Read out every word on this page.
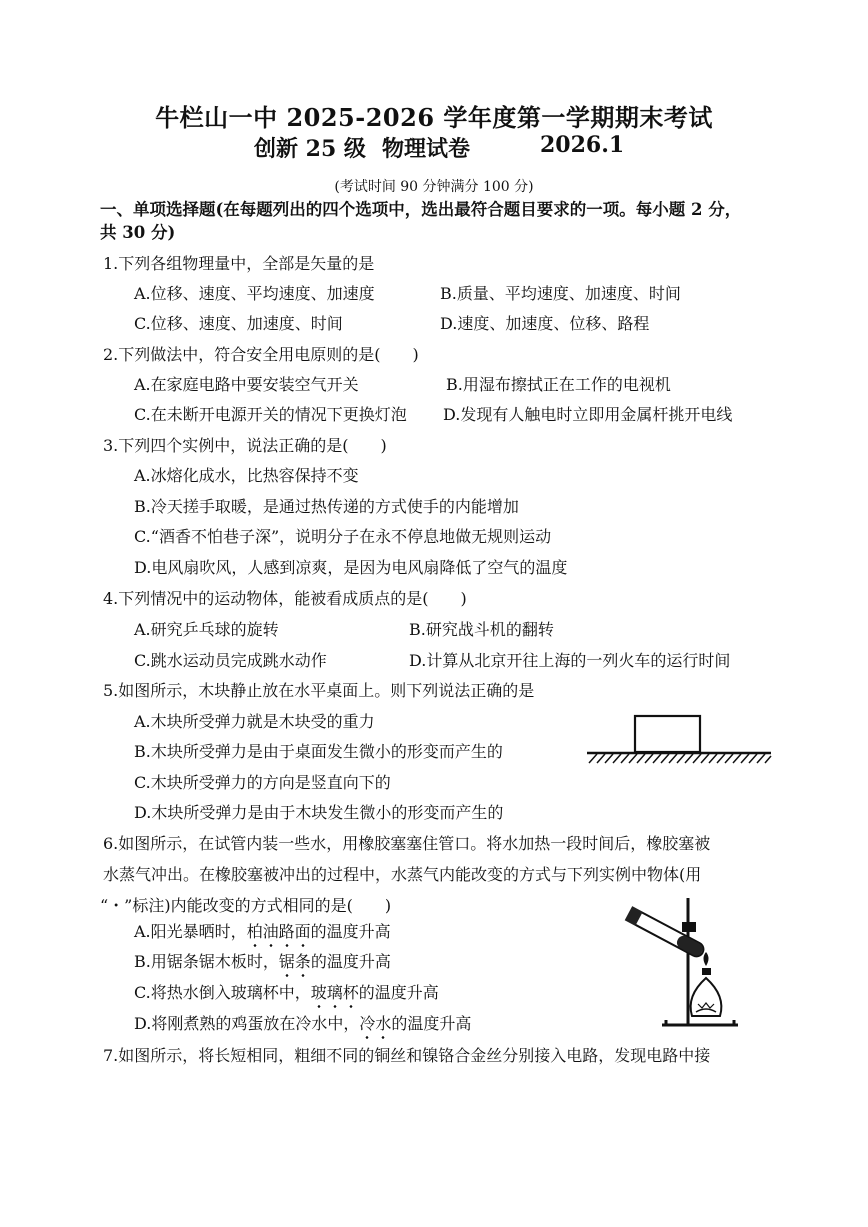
牛栏山一中 2025-2026 学年度第一学期期末考试
创新 25 级 物理试卷	2026.1
(考试时间 90 分钟满分 100 分)
一、单项选择题(在每题列出的四个选项中，选出最符合题目要求的一项。每小题 2 分，
共 30 分)
1.下列各组物理量中，全部是矢量的是
A.位移、速度、平均速度、加速度	B.质量、平均速度、加速度、时间
C.位移、速度、加速度、时间	D.速度、加速度、位移、路程
2.下列做法中，符合安全用电原则的是(　　)
A.在家庭电路中要安装空气开关	B.用湿布擦拭正在工作的电视机
C.在未断开电源开关的情况下更换灯泡 D.发现有人触电时立即用金属杆挑开电线
3.下列四个实例中，说法正确的是(　　)
A.冰熔化成水，比热容保持不变
B.冷天搓手取暖，是通过热传递的方式使手的内能增加
C.“酒香不怕巷子深”，说明分子在永不停息地做无规则运动
D.电风扇吹风，人感到凉爽，是因为电风扇降低了空气的温度
4.下列情况中的运动物体，能被看成质点的是(　　)
A.研究乒乓球的旋转	B.研究战斗机的翻转
C.跳水运动员完成跳水动作	D.计算从北京开往上海的一列火车的运行时间
5.如图所示，木块静止放在水平桌面上。则下列说法正确的是
A.木块所受弹力就是木块受的重力
B.木块所受弹力是由于桌面发生微小的形变而产生的
C.木块所受弹力的方向是竖直向下的
D.木块所受弹力是由于木块发生微小的形变而产生的
6.如图所示，在试管内装一些水，用橡胶塞塞住管口。将水加热一段时间后，橡胶塞被
水蒸气冲出。在橡胶塞被冲出的过程中，水蒸气内能改变的方式与下列实例中物体(用
“・”标注)内能改变的方式相同的是(　　)
A.阳光暴晒时，柏油路面的温度升高
B.用锯条锯木板时，锯条的温度升高
C.将热水倒入玻璃杯中，玻璃杯的温度升高
D.将刚煮熟的鸡蛋放在冷水中，冷水的温度升高
7.如图所示，将长短相同，粗细不同的铜丝和镍铬合金丝分别接入电路，发现电路中接
